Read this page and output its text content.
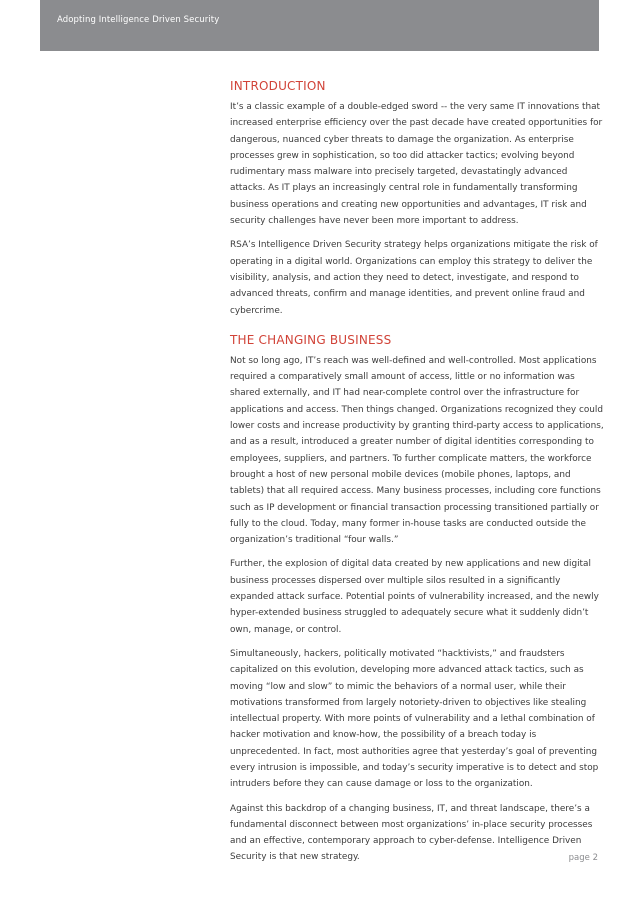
Adopting Intelligence Driven Security
INTRODUCTION

It’s a classic example of a double-edged sword -- the very same IT innovations that increased enterprise efficiency over the past decade have created opportunities for dangerous, nuanced cyber threats to damage the organization. As enterprise processes grew in sophistication, so too did attacker tactics; evolving beyond rudimentary mass malware into precisely targeted, devastatingly advanced attacks. As IT plays an increasingly central role in fundamentally transforming business operations and creating new opportunities and advantages, IT risk and security challenges have never been more important to address.

RSA’s Intelligence Driven Security strategy helps organizations mitigate the risk of operating in a digital world. Organizations can employ this strategy to deliver the visibility, analysis, and action they need to detect, investigate, and respond to advanced threats, confirm and manage identities, and prevent online fraud and cybercrime.

THE CHANGING BUSINESS

Not so long ago, IT’s reach was well-defined and well-controlled. Most applications required a comparatively small amount of access, little or no information was shared externally, and IT had near-complete control over the infrastructure for applications and access. Then things changed. Organizations recognized they could lower costs and increase productivity by granting third-party access to applications, and as a result, introduced a greater number of digital identities corresponding to employees, suppliers, and partners. To further complicate matters, the workforce brought a host of new personal mobile devices (mobile phones, laptops, and tablets) that all required access. Many business processes, including core functions such as IP development or financial transaction processing transitioned partially or fully to the cloud. Today, many former in-house tasks are conducted outside the organization’s traditional “four walls.”

Further, the explosion of digital data created by new applications and new digital business processes dispersed over multiple silos resulted in a significantly expanded attack surface. Potential points of vulnerability increased, and the newly hyper-extended business struggled to adequately secure what it suddenly didn’t own, manage, or control.

Simultaneously, hackers, politically motivated “hacktivists,” and fraudsters capitalized on this evolution, developing more advanced attack tactics, such as moving “low and slow” to mimic the behaviors of a normal user, while their motivations transformed from largely notoriety-driven to objectives like stealing intellectual property. With more points of vulnerability and a lethal combination of hacker motivation and know-how, the possibility of a breach today is unprecedented. In fact, most authorities agree that yesterday’s goal of preventing every intrusion is impossible, and today’s security imperative is to detect and stop intruders before they can cause damage or loss to the organization.

Against this backdrop of a changing business, IT, and threat landscape, there’s a fundamental disconnect between most organizations’ in-place security processes and an effective, contemporary approach to cyber-defense. Intelligence Driven Security is that new strategy.	page 2
